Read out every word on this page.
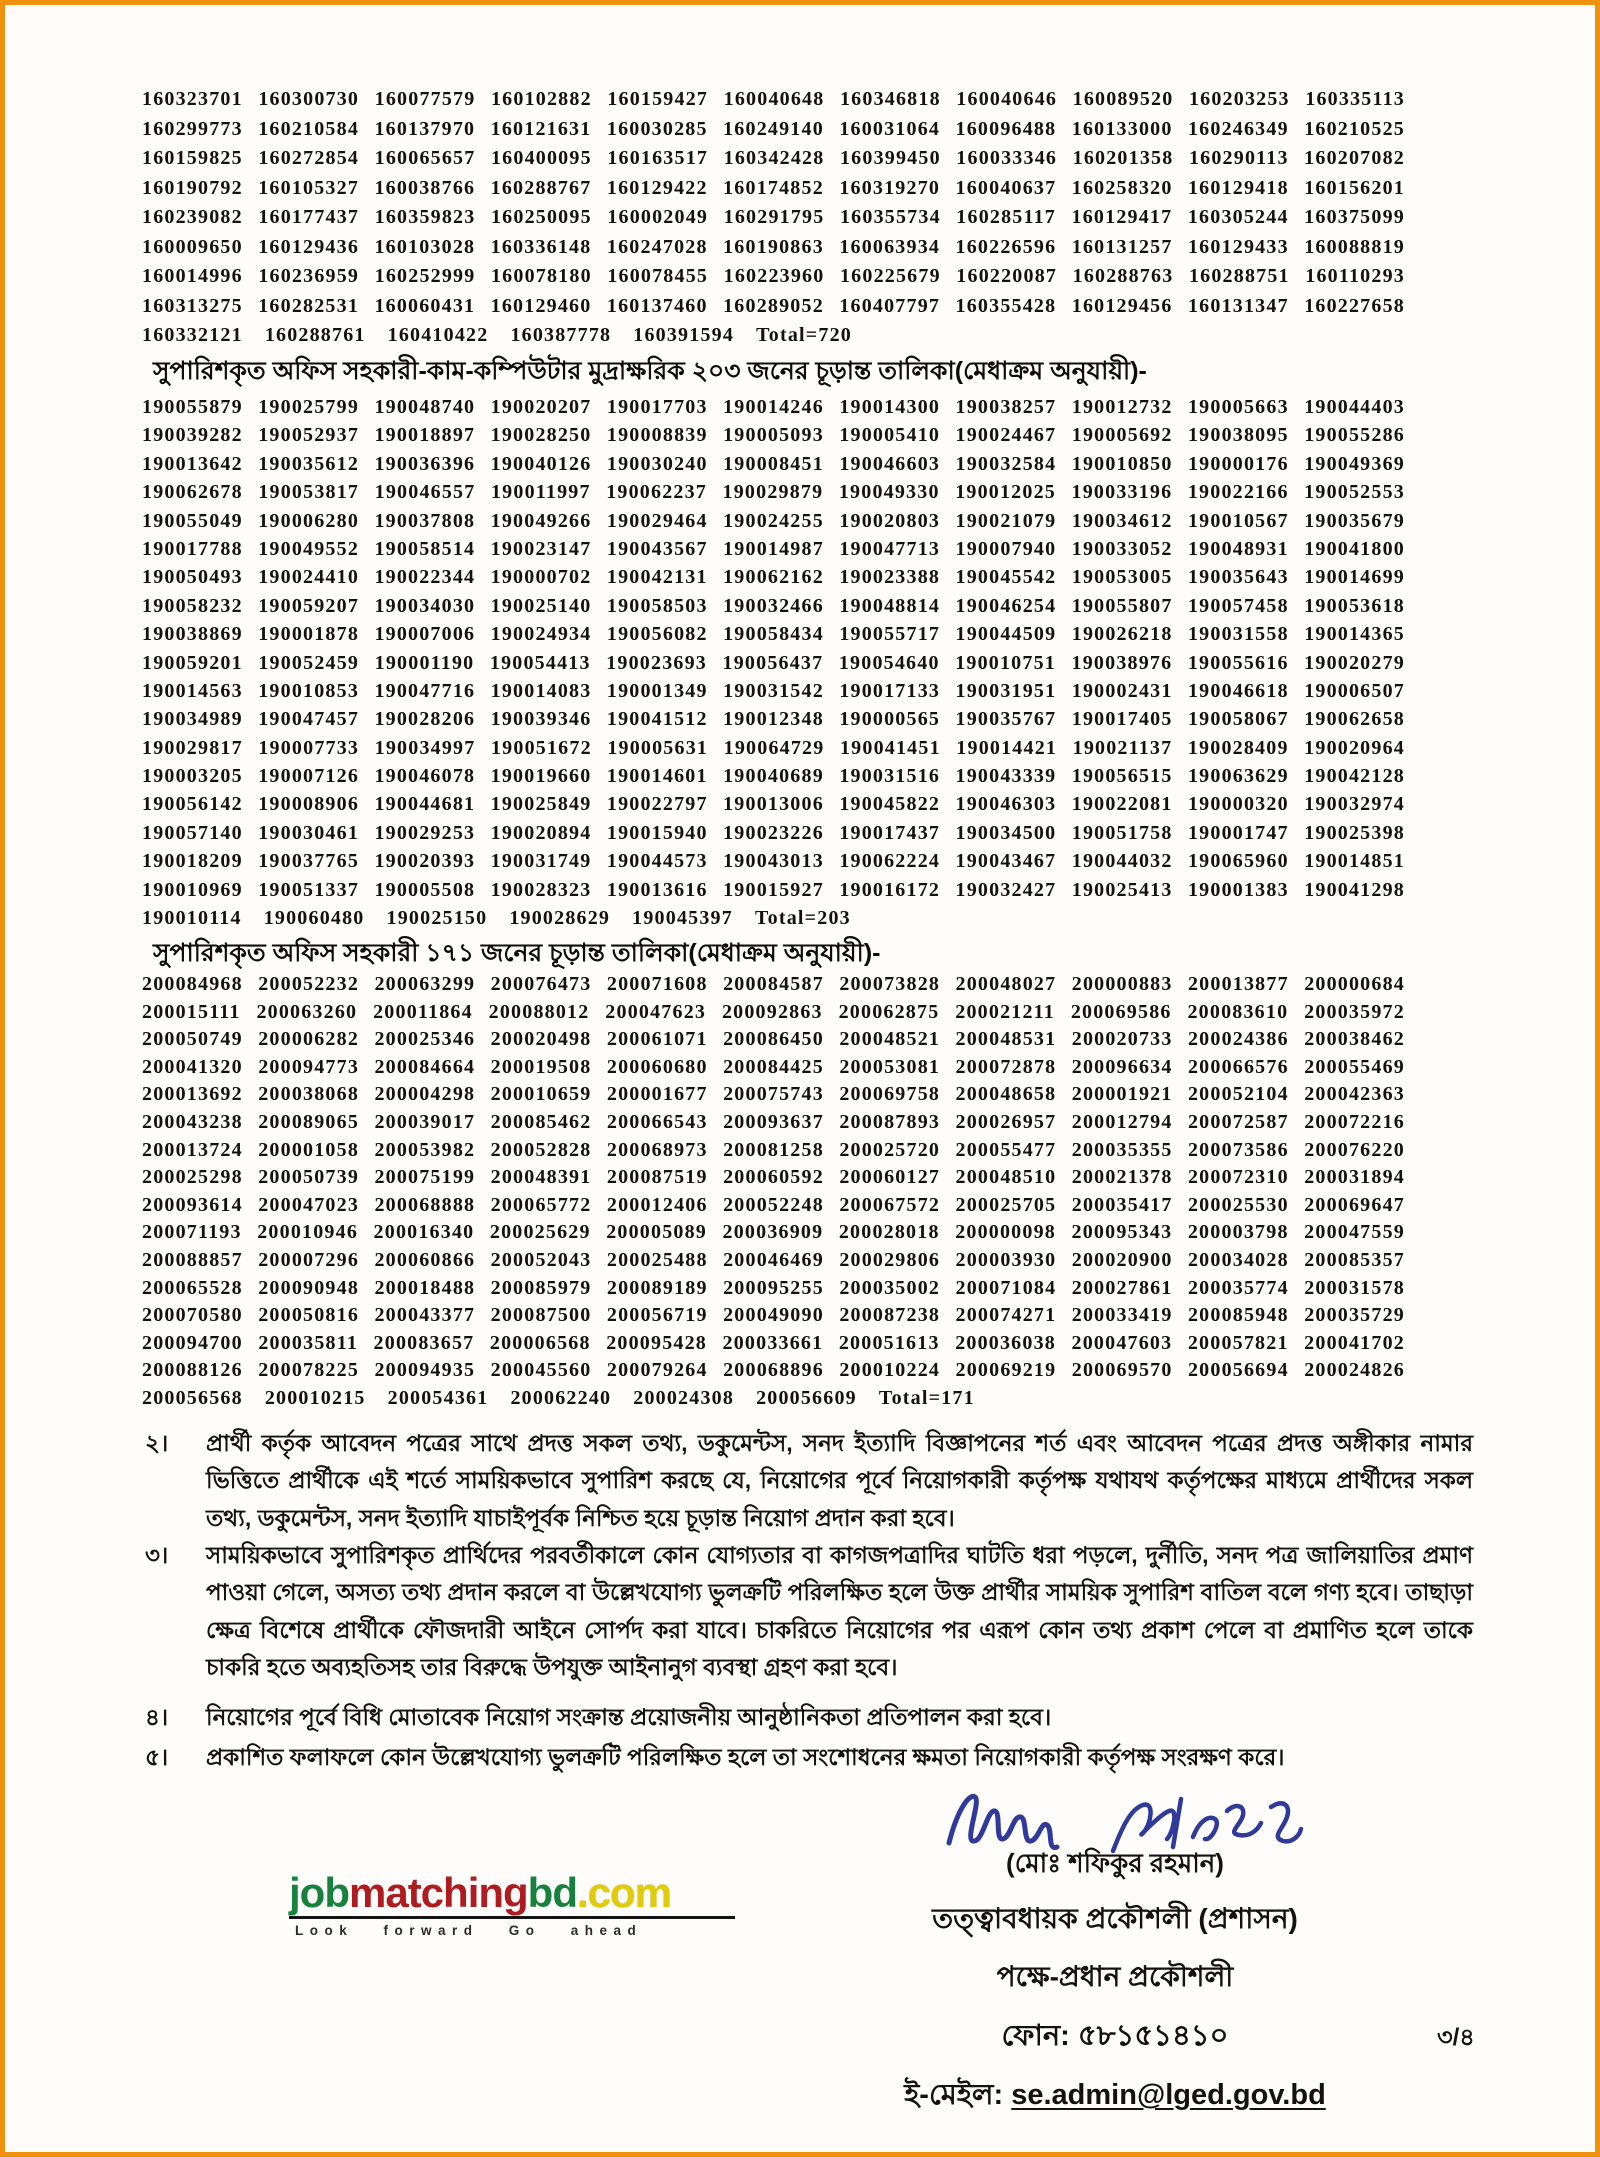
160323701 160300730 160077579 160102882 160159427 160040648 160346818 160040646 160089520 160203253 160335113
160299773 160210584 160137970 160121631 160030285 160249140 160031064 160096488 160133000 160246349 160210525
160159825 160272854 160065657 160400095 160163517 160342428 160399450 160033346 160201358 160290113 160207082
160190792 160105327 160038766 160288767 160129422 160174852 160319270 160040637 160258320 160129418 160156201
160239082 160177437 160359823 160250095 160002049 160291795 160355734 160285117 160129417 160305244 160375099
160009650 160129436 160103028 160336148 160247028 160190863 160063934 160226596 160131257 160129433 160088819
160014996 160236959 160252999 160078180 160078455 160223960 160225679 160220087 160288763 160288751 160110293
160313275 160282531 160060431 160129460 160137460 160289052 160407797 160355428 160129456 160131347 160227658
160332121 160288761 160410422 160387778 160391594 Total=720
সুপারিশকৃত অফিস সহকারী-কাম-কম্পিউটার মুদ্রাক্ষরিক ২০৩ জনের চূড়ান্ত তালিকা(মেধাক্রম অনুযায়ী)-
190055879 190025799 190048740 190020207 190017703 190014246 190014300 190038257 190012732 190005663 190044403
190039282 190052937 190018897 190028250 190008839 190005093 190005410 190024467 190005692 190038095 190055286
190013642 190035612 190036396 190040126 190030240 190008451 190046603 190032584 190010850 190000176 190049369
190062678 190053817 190046557 190011997 190062237 190029879 190049330 190012025 190033196 190022166 190052553
190055049 190006280 190037808 190049266 190029464 190024255 190020803 190021079 190034612 190010567 190035679
190017788 190049552 190058514 190023147 190043567 190014987 190047713 190007940 190033052 190048931 190041800
190050493 190024410 190022344 190000702 190042131 190062162 190023388 190045542 190053005 190035643 190014699
190058232 190059207 190034030 190025140 190058503 190032466 190048814 190046254 190055807 190057458 190053618
190038869 190001878 190007006 190024934 190056082 190058434 190055717 190044509 190026218 190031558 190014365
190059201 190052459 190001190 190054413 190023693 190056437 190054640 190010751 190038976 190055616 190020279
190014563 190010853 190047716 190014083 190001349 190031542 190017133 190031951 190002431 190046618 190006507
190034989 190047457 190028206 190039346 190041512 190012348 190000565 190035767 190017405 190058067 190062658
190029817 190007733 190034997 190051672 190005631 190064729 190041451 190014421 190021137 190028409 190020964
190003205 190007126 190046078 190019660 190014601 190040689 190031516 190043339 190056515 190063629 190042128
190056142 190008906 190044681 190025849 190022797 190013006 190045822 190046303 190022081 190000320 190032974
190057140 190030461 190029253 190020894 190015940 190023226 190017437 190034500 190051758 190001747 190025398
190018209 190037765 190020393 190031749 190044573 190043013 190062224 190043467 190044032 190065960 190014851
190010969 190051337 190005508 190028323 190013616 190015927 190016172 190032427 190025413 190001383 190041298
190010114 190060480 190025150 190028629 190045397 Total=203
সুপারিশকৃত অফিস সহকারী ১৭১ জনের চূড়ান্ত তালিকা(মেধাক্রম অনুযায়ী)-
200084968 200052232 200063299 200076473 200071608 200084587 200073828 200048027 200000883 200013877 200000684
200015111 200063260 200011864 200088012 200047623 200092863 200062875 200021211 200069586 200083610 200035972
200050749 200006282 200025346 200020498 200061071 200086450 200048521 200048531 200020733 200024386 200038462
200041320 200094773 200084664 200019508 200060680 200084425 200053081 200072878 200096634 200066576 200055469
200013692 200038068 200004298 200010659 200001677 200075743 200069758 200048658 200001921 200052104 200042363
200043238 200089065 200039017 200085462 200066543 200093637 200087893 200026957 200012794 200072587 200072216
200013724 200001058 200053982 200052828 200068973 200081258 200025720 200055477 200035355 200073586 200076220
200025298 200050739 200075199 200048391 200087519 200060592 200060127 200048510 200021378 200072310 200031894
200093614 200047023 200068888 200065772 200012406 200052248 200067572 200025705 200035417 200025530 200069647
200071193 200010946 200016340 200025629 200005089 200036909 200028018 200000098 200095343 200003798 200047559
200088857 200007296 200060866 200052043 200025488 200046469 200029806 200003930 200020900 200034028 200085357
200065528 200090948 200018488 200085979 200089189 200095255 200035002 200071084 200027861 200035774 200031578
200070580 200050816 200043377 200087500 200056719 200049090 200087238 200074271 200033419 200085948 200035729
200094700 200035811 200083657 200006568 200095428 200033661 200051613 200036038 200047603 200057821 200041702
200088126 200078225 200094935 200045560 200079264 200068896 200010224 200069219 200069570 200056694 200024826
200056568 200010215 200054361 200062240 200024308 200056609 Total=171
২।	প্রার্থী কর্তৃক আবেদন পত্রের সাথে প্রদত্ত সকল তথ্য, ডকুমেন্টস, সনদ ইত্যাদি বিজ্ঞাপনের শর্ত এবং আবেদন পত্রের প্রদত্ত অঙ্গীকার নামার ভিত্তিতে প্রার্থীকে এই শর্তে সাময়িকভাবে সুপারিশ করছে যে, নিয়োগের পূর্বে নিয়োগকারী কর্তৃপক্ষ যথাযথ কর্তৃপক্ষের মাধ্যমে প্রার্থীদের সকল তথ্য, ডকুমেন্টস, সনদ ইত্যাদি যাচাইপূর্বক নিশ্চিত হয়ে চূড়ান্ত নিয়োগ প্রদান করা হবে।
৩।	সাময়িকভাবে সুপারিশকৃত প্রার্থিদের পরবর্তীকালে কোন যোগ্যতার বা কাগজপত্রাদির ঘাটতি ধরা পড়লে, দুর্নীতি, সনদ পত্র জালিয়াতির প্রমাণ পাওয়া গেলে, অসত্য তথ্য প্রদান করলে বা উল্লেখযোগ্য ভুলক্রটি পরিলক্ষিত হলে উক্ত প্রার্থীর সাময়িক সুপারিশ বাতিল বলে গণ্য হবে। তাছাড়া ক্ষেত্র বিশেষে প্রার্থীকে ফৌজদারী আইনে সোর্পদ করা যাবে। চাকরিতে নিয়োগের পর এরূপ কোন তথ্য প্রকাশ পেলে বা প্রমাণিত হলে তাকে চাকরি হতে অব্যহতিসহ তার বিরুদ্ধে উপযুক্ত আইনানুগ ব্যবস্থা গ্রহণ করা হবে।
৪।	নিয়োগের পূর্বে বিধি মোতাবেক নিয়োগ সংক্রান্ত প্রয়োজনীয় আনুষ্ঠানিকতা প্রতিপালন করা হবে।
৫।	প্রকাশিত ফলাফলে কোন উল্লেখযোগ্য ভুলক্রটি পরিলক্ষিত হলে তা সংশোধনের ক্ষমতা নিয়োগকারী কর্তৃপক্ষ সংরক্ষণ করে।
(মোঃ শফিকুর রহমান)
তত্ত্বাবধায়ক প্রকৌশলী (প্রশাসন)
পক্ষে-প্রধান প্রকৌশলী
ফোন: ৫৮১৫১৪১০
ই-মেইল: se.admin@lged.gov.bd
jobmatchingbd.com
Look forward Go ahead
৩/৪
